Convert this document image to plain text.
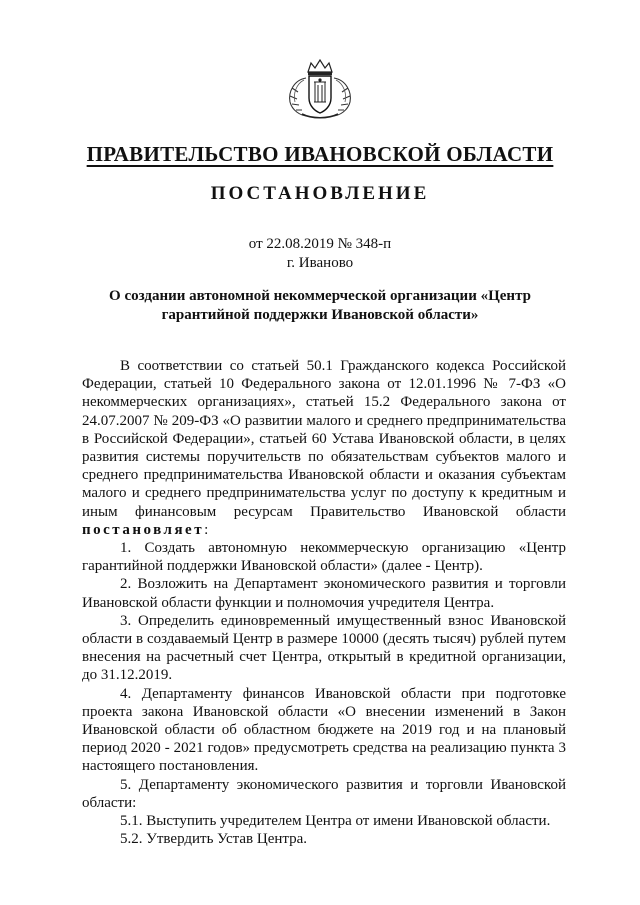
ПРАВИТЕЛЬСТВО ИВАНОВСКОЙ ОБЛАСТИ
ПОСТАНОВЛЕНИЕ
от 22.08.2019 № 348-п
г. Иваново
О создании автономной некоммерческой организации «Центр
гарантийной поддержки Ивановской области»

В соответствии со статьей 50.1 Гражданского кодекса Российской Федерации, статьей 10 Федерального закона от 12.01.1996 № 7-ФЗ «О некоммерческих организациях», статьей 15.2 Федерального закона от 24.07.2007 № 209-ФЗ «О развитии малого и среднего предпринимательства в Российской Федерации», статьей 60 Устава Ивановской области, в целях развития системы поручительств по обязательствам субъектов малого и среднего предпринимательства Ивановской области и оказания субъектам малого и среднего предпринимательства услуг по доступу к кредитным и иным финансовым ресурсам Правительство Ивановской области постановляет:

1. Создать автономную некоммерческую организацию «Центр гарантийной поддержки Ивановской области» (далее - Центр).

2. Возложить на Департамент экономического развития и торговли Ивановской области функции и полномочия учредителя Центра.

3. Определить единовременный имущественный взнос Ивановской области в создаваемый Центр в размере 10000 (десять тысяч) рублей путем внесения на расчетный счет Центра, открытый в кредитной организации, до 31.12.2019.

4. Департаменту финансов Ивановской области при подготовке проекта закона Ивановской области «О внесении изменений в Закон Ивановской области об областном бюджете на 2019 год и на плановый период 2020 - 2021 годов» предусмотреть средства на реализацию пункта 3 настоящего постановления.

5. Департаменту экономического развития и торговли Ивановской области:

5.1. Выступить учредителем Центра от имени Ивановской области.

5.2. Утвердить Устав Центра.
